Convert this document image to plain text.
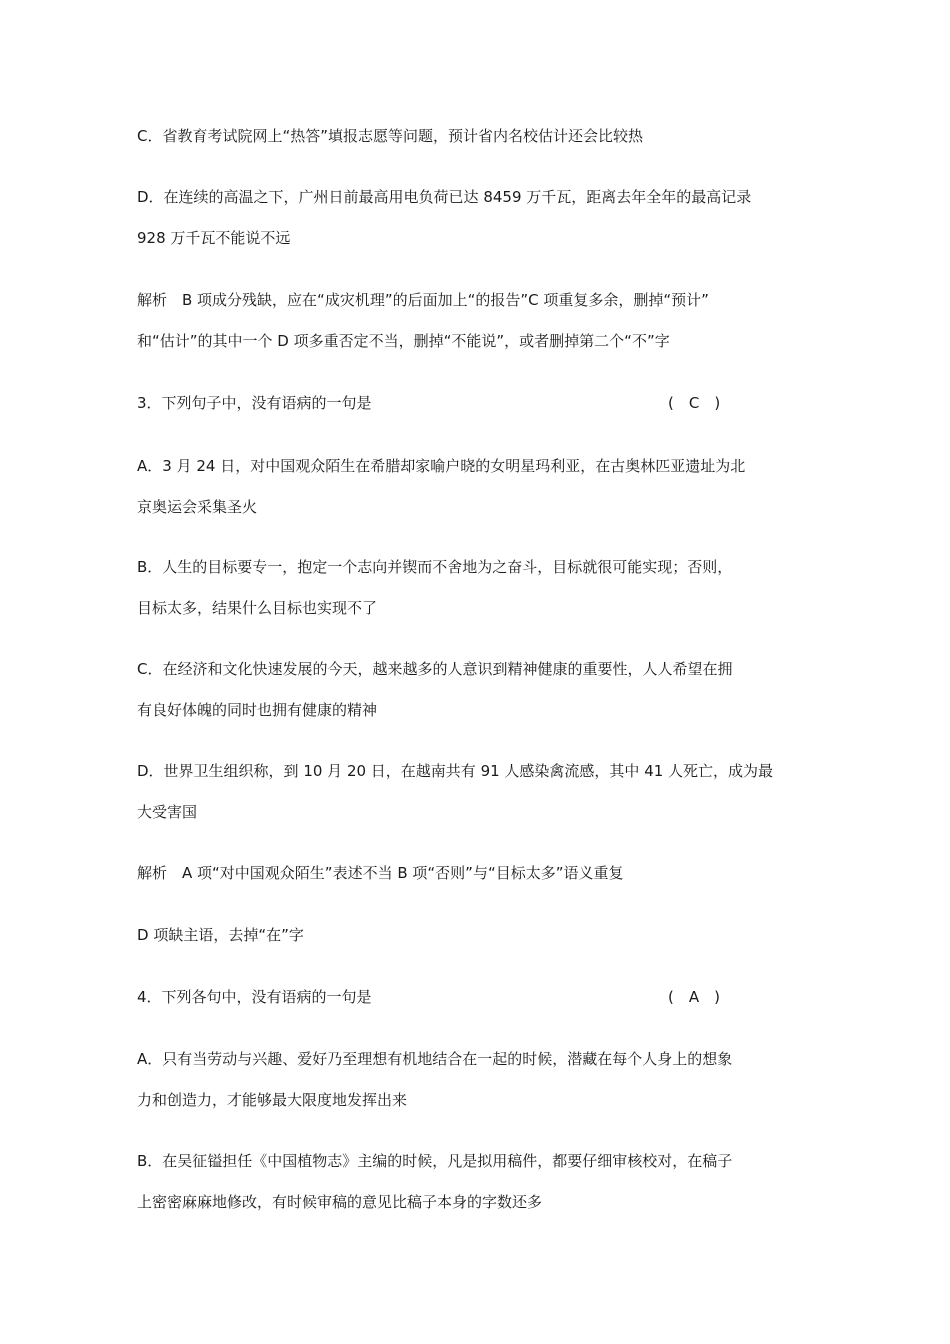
C．省教育考试院网上“热答”填报志愿等问题，预计省内名校估计还会比较热
D．在连续的高温之下，广州日前最高用电负荷已达 8459 万千瓦，距离去年全年的最高记录
928 万千瓦不能说不远
解析　B 项成分残缺，应在“成灾机理”的后面加上“的报告”C 项重复多余，删掉“预计”
和“估计”的其中一个 D 项多重否定不当，删掉“不能说”，或者删掉第二个“不”字
3．下列句子中，没有语病的一句是	(　C　)
A．3 月 24 日，对中国观众陌生在希腊却家喻户晓的女明星玛利亚，在古奥林匹亚遗址为北
京奥运会采集圣火
B．人生的目标要专一，抱定一个志向并锲而不舍地为之奋斗，目标就很可能实现；否则，
目标太多，结果什么目标也实现不了
C．在经济和文化快速发展的今天，越来越多的人意识到精神健康的重要性，人人希望在拥
有良好体魄的同时也拥有健康的精神
D．世界卫生组织称，到 10 月 20 日，在越南共有 91 人感染禽流感，其中 41 人死亡，成为最
大受害国
解析　A 项“对中国观众陌生”表述不当 B 项“否则”与“目标太多”语义重复
D 项缺主语，去掉“在”字
4．下列各句中，没有语病的一句是	(　A　)
A．只有当劳动与兴趣、爱好乃至理想有机地结合在一起的时候，潜藏在每个人身上的想象
力和创造力，才能够最大限度地发挥出来
B．在吴征镒担任《中国植物志》主编的时候，凡是拟用稿件，都要仔细审核校对，在稿子
上密密麻麻地修改，有时候审稿的意见比稿子本身的字数还多
